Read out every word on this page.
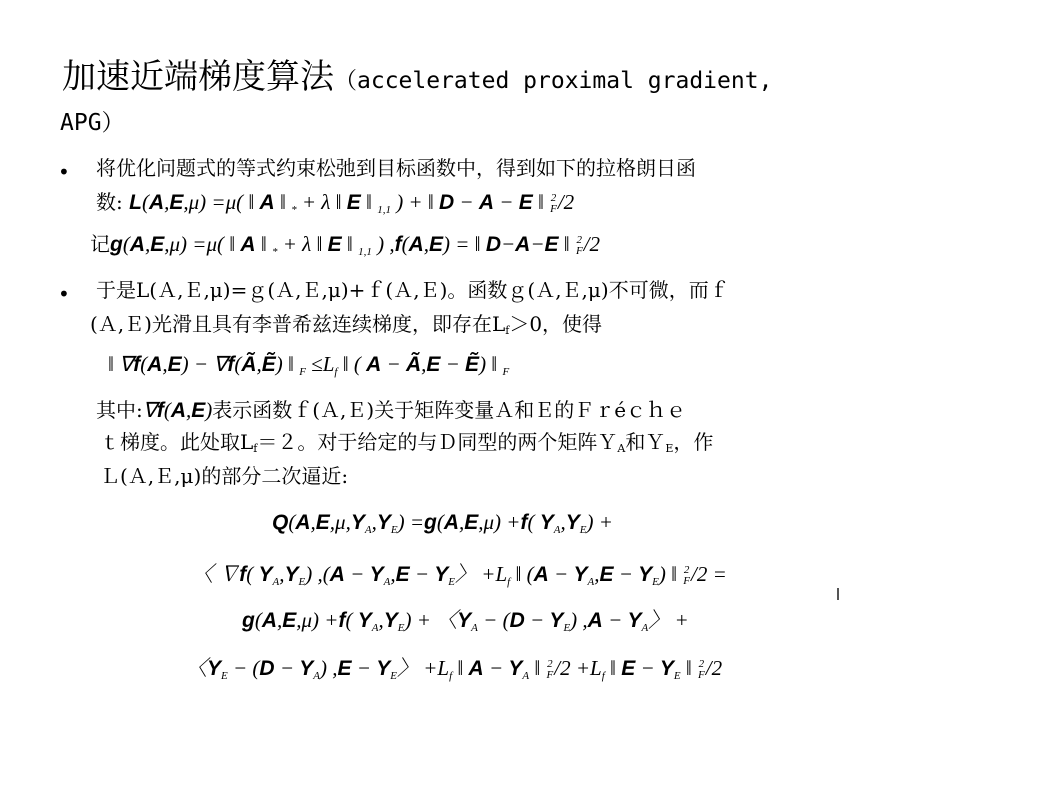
加速近端梯度算法（accelerated proximal gradient,
APG）
• 将优化问题式的等式约束松弛到目标函数中，得到如下的拉格朗日函
数: L(A,E,μ) =μ( ‖ A ‖ $_*$ + λ ‖ E ‖ $_{1,1}$ ) + ‖ D − A − E ‖ 2
F/2
记g(A,E,μ) =μ( ‖ A ‖ $_*$ + λ ‖ E ‖ $_{1,1}$ ) ,f(A,E) = ‖ D−A−E ‖ 2
F/2
• 于是L(Ａ,Ｅ,μ)=ｇ(Ａ,Ｅ,μ)+ｆ(Ａ,Ｅ)。函数ｇ(Ａ,Ｅ,μ)不可微，而ｆ
(Ａ,Ｅ)光滑且具有李普希兹连续梯度，即存在Lf＞0，使得
‖ ∇f(A,E) − ∇f(Ã,Ẽ) ‖ $_F \le L_f$ ‖ ( A − Ã,E − Ẽ) ‖ $_F$
其中:∇f(A,E)表示函数ｆ(Ａ,Ｅ)关于矩阵变量Ａ和Ｅ的Ｆｒéｃｈｅ
ｔ梯度。此处取Lf＝２。对于给定的与Ｄ同型的两个矩阵ＹA和ＹE，作
Ｌ(Ａ,Ｅ,μ)的部分二次逼近:
$Q(A,E,\mu,Y_A,Y_E) =g(A,E,\mu) +f$( $Y_A,Y_E$) +
〈 ∇f( $Y_A,Y_E$) $,(A - Y_A,E - Y_E$〉 $+L_f$ ‖ $(A - Y_A,E - Y_E)$ ‖ 2
F/2 =
g(A,E,μ) +f( $Y_A,Y_E$) + 〈$Y_A - (D - Y_E) ,A - Y_A$〉 +
〈$Y_E - (D - Y_A) ,E - Y_E$〉 $+L_f$ ‖ $A - Y_A$ ‖ 2
$F/2 +L_f$ ‖ $E - Y_E$ ‖ 2
F/2
